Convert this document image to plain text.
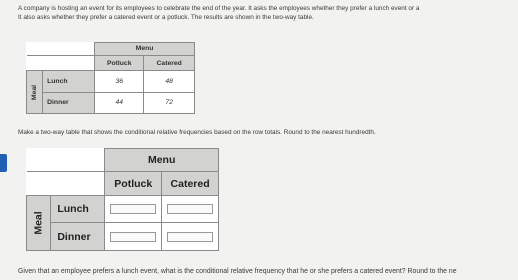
A company is hosting an event for its employees to celebrate the end of the year. It asks the employees whether they prefer a lunch event or a
It also asks whether they prefer a catered event or a potluck. The results are shown in the two-way table.
		Menu	
		Potluck	Catered
Meal	Lunch	36	48
	Dinner	44	72
Make a two-way table that shows the conditional relative frequencies based on the row totals. Round to the nearest hundredth.
		Menu	
		Potluck	Catered
Meal	Lunch		
	Dinner		
Given that an employee prefers a lunch event, what is the conditional relative frequency that he or she prefers a catered event? Round to the ne
